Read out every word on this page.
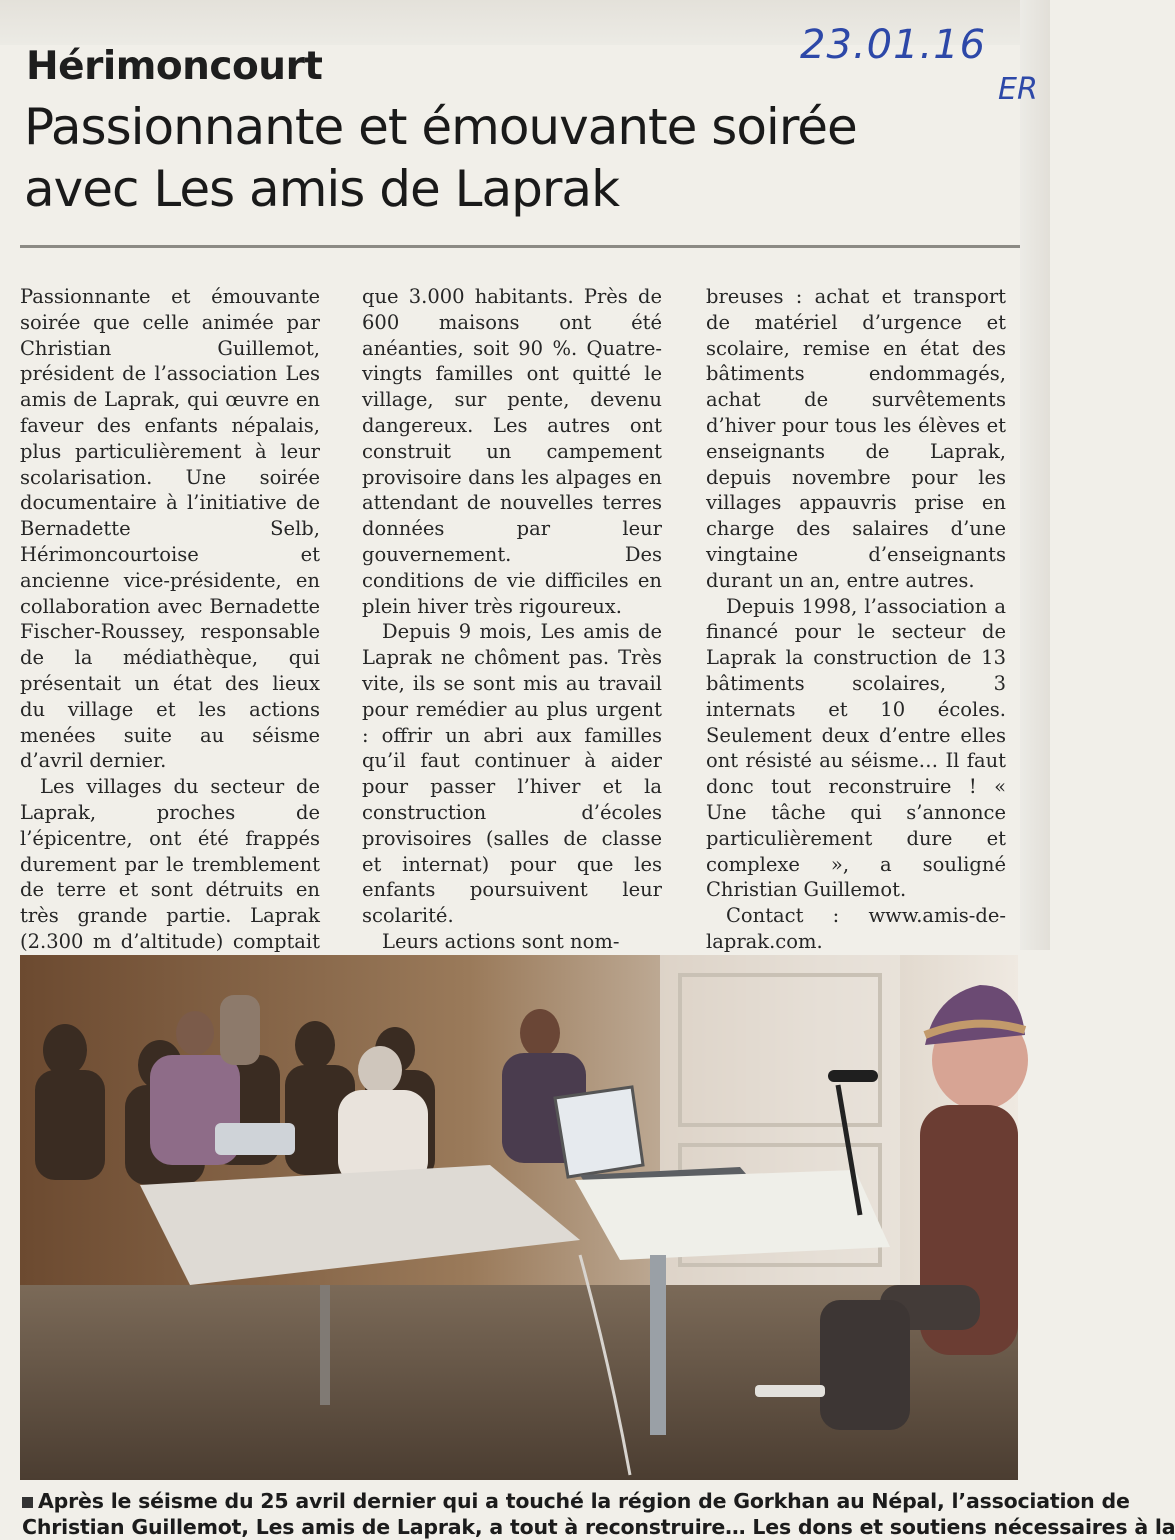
23.01.16
ER
Hérimoncourt
Passionnante et émouvante soirée
avec Les amis de Laprak

Passionnante et émouvante soirée que celle animée par Christian Guillemot, président de l’association Les amis de Laprak, qui œuvre en faveur des enfants népalais, plus particulièrement à leur scolarisation. Une soirée documentaire à l’initiative de Bernadette Selb, Hérimoncourtoise et ancienne vice-présidente, en collaboration avec Bernadette Fischer-Roussey, responsable de la médiathèque, qui présentait un état des lieux du village et les actions menées suite au séisme d’avril dernier.

Les villages du secteur de Laprak, proches de l’épicentre, ont été frappés durement par le tremblement de terre et sont détruits en très grande partie. Laprak (2.300 m d’altitude) comptait

que 3.000 habitants. Près de 600 maisons ont été anéanties, soit 90 %. Quatre-vingts familles ont quitté le village, sur pente, devenu dangereux. Les autres ont construit un campement provisoire dans les alpages en attendant de nouvelles terres données par leur gouvernement. Des conditions de vie difficiles en plein hiver très rigoureux.

Depuis 9 mois, Les amis de Laprak ne chôment pas. Très vite, ils se sont mis au travail pour remédier au plus urgent : offrir un abri aux familles qu’il faut continuer à aider pour passer l’hiver et la construction d’écoles provisoires (salles de classe et internat) pour que les enfants poursuivent leur scolarité.

Leurs actions sont nom-

breuses : achat et transport de matériel d’urgence et scolaire, remise en état des bâtiments endommagés, achat de survêtements d’hiver pour tous les élèves et enseignants de Laprak, depuis novembre pour les villages appauvris prise en charge des salaires d’une vingtaine d’enseignants durant un an, entre autres.

Depuis 1998, l’association a financé pour le secteur de Laprak la construction de 13 bâtiments scolaires, 3 internats et 10 écoles. Seulement deux d’entre elles ont résisté au séisme… Il faut donc tout reconstruire ! « Une tâche qui s’annonce particulièrement dure et complexe », a souligné Christian Guillemot.

Contact : www.amis-de-laprak.com.

Après le séisme du 25 avril dernier qui a touché la région de Gorkhan au Népal, l’association de
Christian Guillemot, Les amis de Laprak, a tout à reconstruire… Les dons et soutiens nécessaires à la
